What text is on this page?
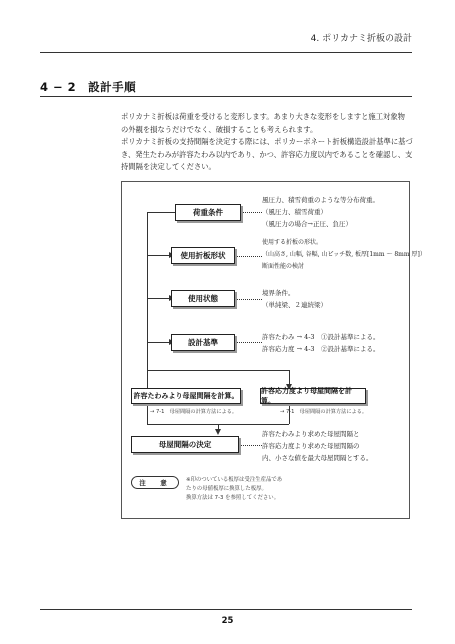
4. ポリカナミ折板の設計
4 − 2　設計手順

ポリカナミ折板は荷重を受けると変形します。あまり大きな変形をしますと施工対象物

の外観を損なうだけでなく、破損することも考えられます。

ポリカナミ折板の支持間隔を決定する際には、ポリカーボネート折板構造設計基準に基づ

き、発生たわみが許容たわみ以内であり、かつ、許容応力度以内であることを確認し、支

持間隔を決定してください。

荷重条件
使用折板形状
使用状態
設計基準
許容たわみより母屋間隔を計算。
許容応力度より母屋間隔を計算。
母屋間隔の決定
風圧力、積雪荷重のような等分布荷重。
（風圧力、積雪荷重）
（風圧力の場合→正圧、負圧）
使用する折板の形状。
（山高さ, 山幅, 谷幅, 山ピッチ数, 板厚[1mm ～ 8mm 厚]）
断面性能の検討
境界条件。
（単純梁、２連続梁）
許容たわみ → 4-3　①設計基準による。
許容応力度 → 4-3　②設計基準による。
→ 7-1　母屋間隔の計算方法による。	→ 7-1　母屋間隔の計算方法による。
許容たわみより求めた母屋間隔と
許容応力度より求めた母屋間隔の
内、小さな値を最大母屋間隔とする。
注　意	※印のついている板厚は受注生産品であ
たりの母値板厚に換算した板厚。
換算方法は 7-3 を参照してください。
25
